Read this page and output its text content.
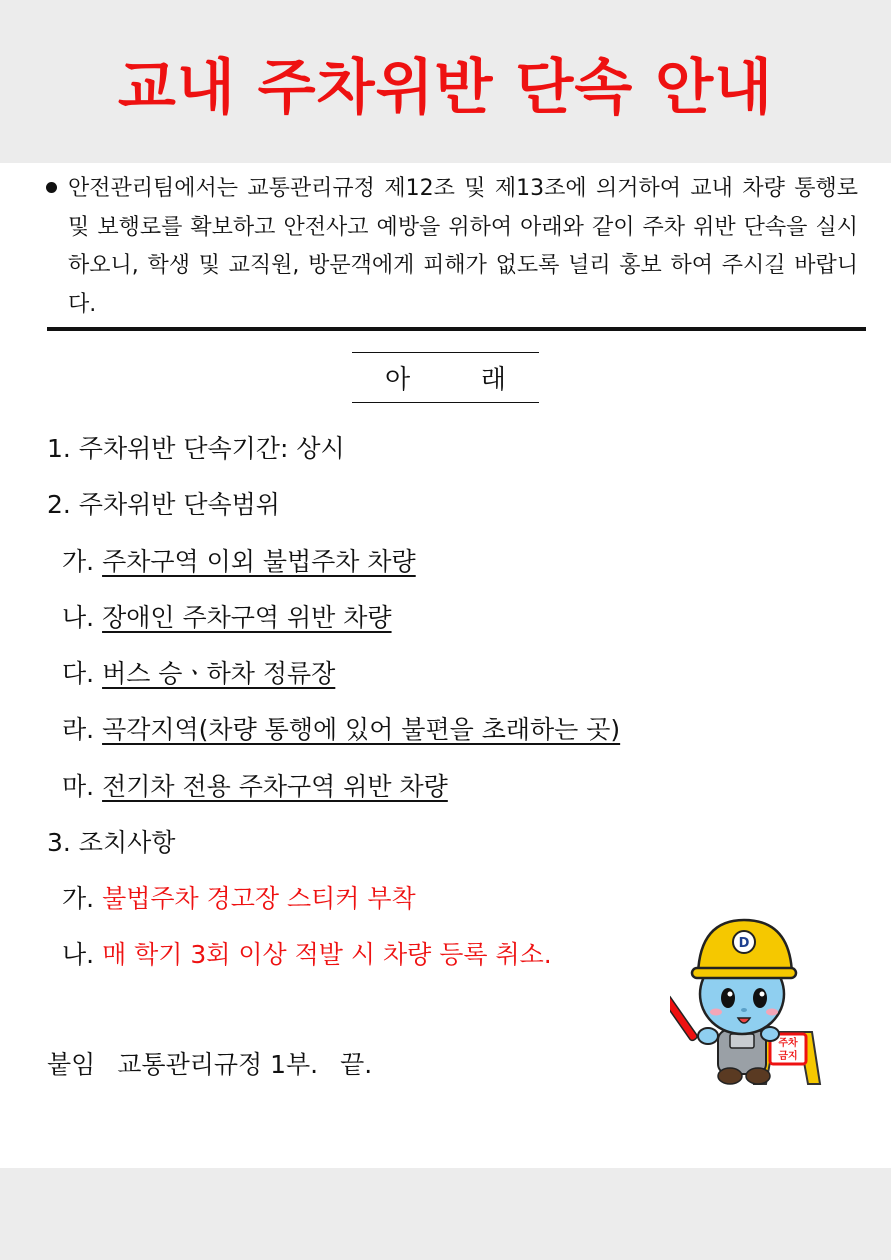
교내 주차위반 단속 안내
안전관리팀에서는 교통관리규정 제12조 및 제13조에 의거하여 교내 차량 통행로 및 보행로를 확보하고 안전사고 예방을 위하여 아래와 같이 주차 위반 단속을 실시 하오니, 학생 및 교직원, 방문객에게 피해가 없도록 널리 홍보 하여 주시길 바랍니다.
아	래
1. 주차위반 단속기간: 상시
2. 주차위반 단속범위
가. 주차구역 이외 불법주차 차량
나. 장애인 주차구역 위반 차량
다. 버스 승ㆍ하차 정류장
라. 곡각지역(차량 통행에 있어 불편을 초래하는 곳)
마. 전기차 전용 주차구역 위반 차량
3. 조치사항
가. 불법주차 경고장 스티커 부착
나. 매 학기 3회 이상 적발 시 차량 등록 취소.
붙임 교통관리규정 1부. 끝.
주차
금지
D
